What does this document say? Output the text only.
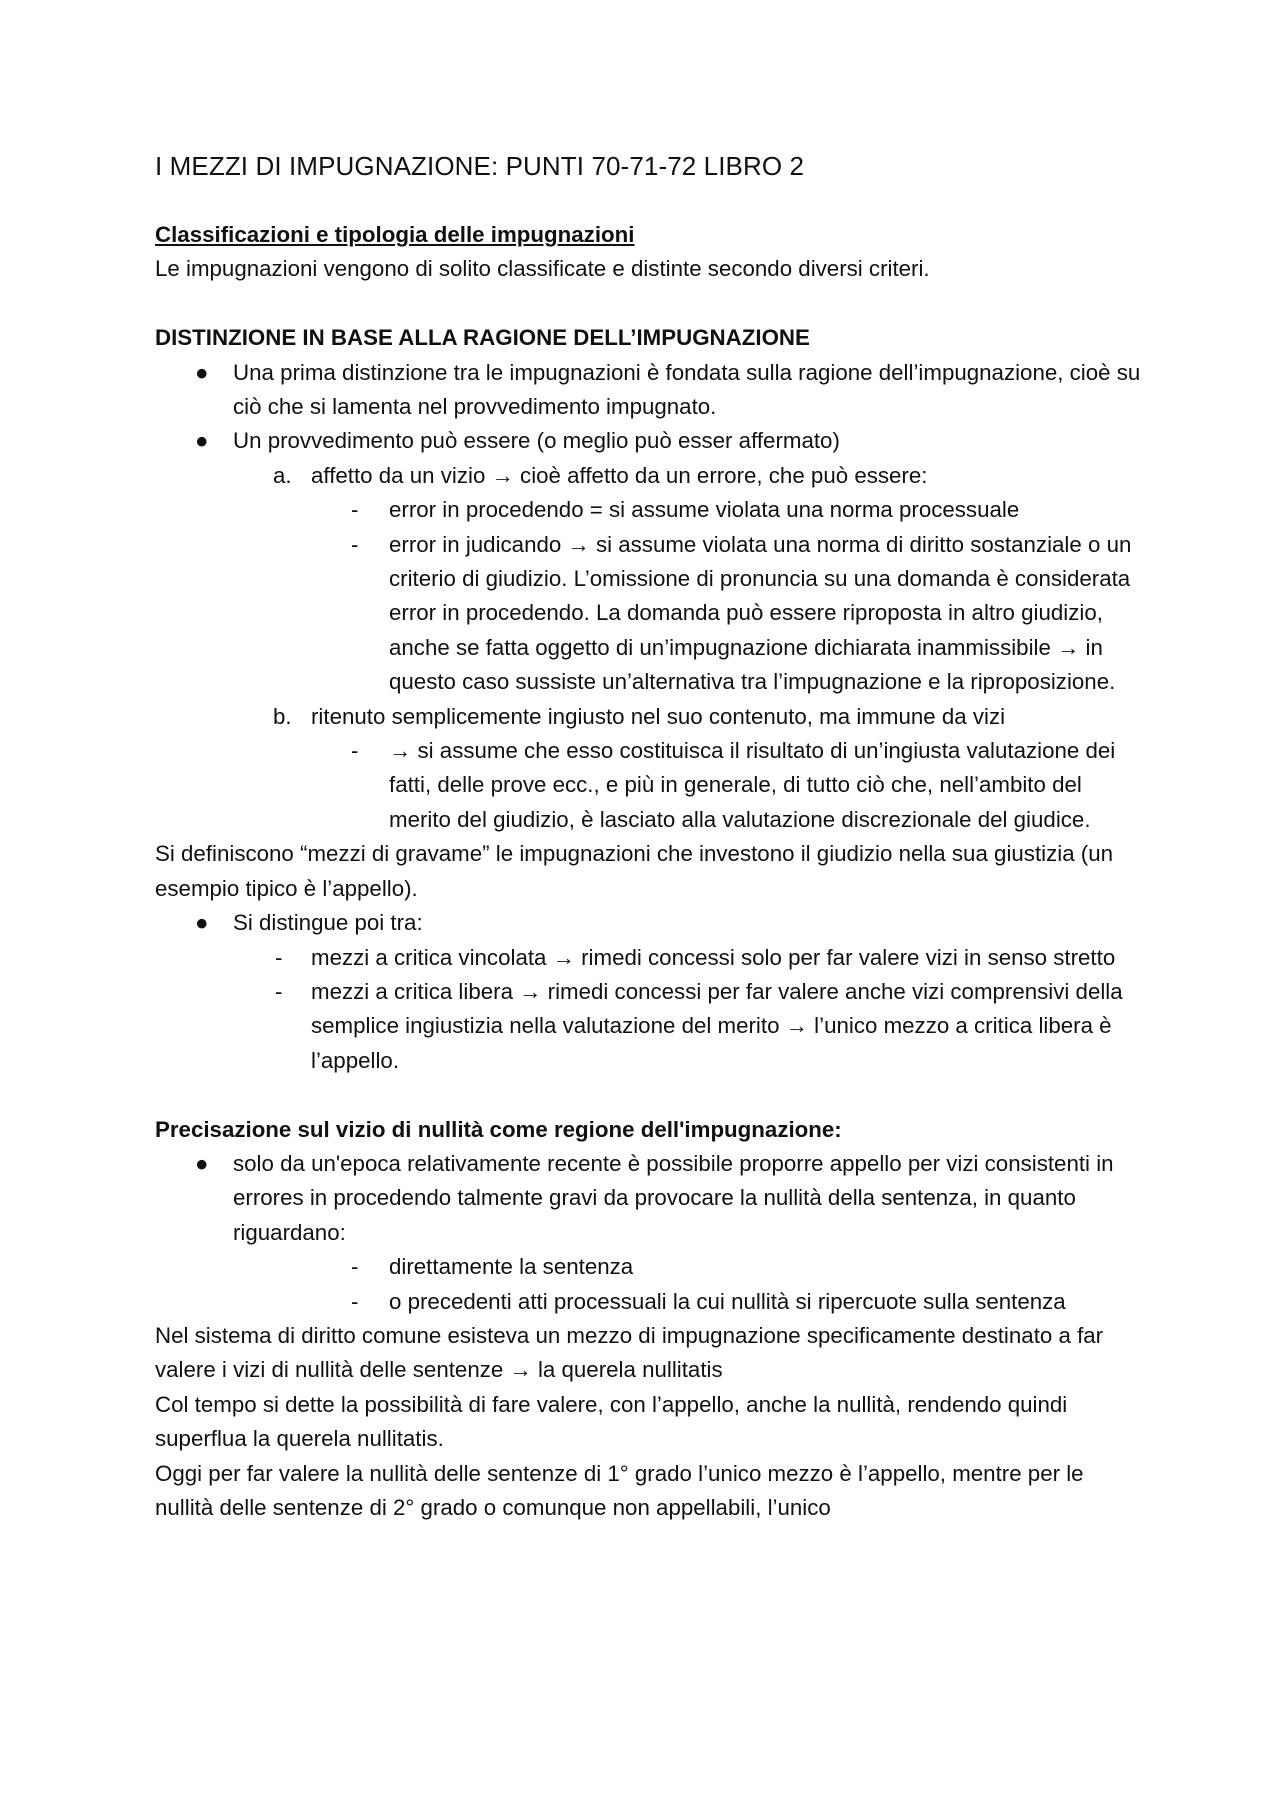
I MEZZI DI IMPUGNAZIONE: PUNTI 70-71-72 LIBRO 2
Classificazioni e tipologia delle impugnazioni
Le impugnazioni vengono di solito classificate e distinte secondo diversi criteri.
DISTINZIONE IN BASE ALLA RAGIONE DELL’IMPUGNAZIONE
● Una prima distinzione tra le impugnazioni è fondata sulla ragione dell’impugnazione, cioè su ciò che si lamenta nel provvedimento impugnato.
● Un provvedimento può essere (o meglio può esser affermato)
a. affetto da un vizio → cioè affetto da un errore, che può essere:
- error in procedendo = si assume violata una norma processuale
- error in judicando → si assume violata una norma di diritto sostanziale o un criterio di giudizio. L’omissione di pronuncia su una domanda è considerata error in procedendo. La domanda può essere riproposta in altro giudizio, anche se fatta oggetto di un’impugnazione dichiarata inammissibile → in questo caso sussiste un’alternativa tra l’impugnazione e la riproposizione.
b. ritenuto semplicemente ingiusto nel suo contenuto, ma immune da vizi
- → si assume che esso costituisca il risultato di un’ingiusta valutazione dei fatti, delle prove ecc., e più in generale, di tutto ciò che, nell’ambito del merito del giudizio, è lasciato alla valutazione discrezionale del giudice.
Si definiscono “mezzi di gravame” le impugnazioni che investono il giudizio nella sua giustizia (un esempio tipico è l’appello).
● Si distingue poi tra:
- mezzi a critica vincolata → rimedi concessi solo per far valere vizi in senso stretto
- mezzi a critica libera → rimedi concessi per far valere anche vizi comprensivi della semplice ingiustizia nella valutazione del merito → l’unico mezzo a critica libera è l’appello.
Precisazione sul vizio di nullità come regione dell'impugnazione:
● solo da un'epoca relativamente recente è possibile proporre appello per vizi consistenti in errores in procedendo talmente gravi da provocare la nullità della sentenza, in quanto riguardano:
- direttamente la sentenza
- o precedenti atti processuali la cui nullità si ripercuote sulla sentenza
Nel sistema di diritto comune esisteva un mezzo di impugnazione specificamente destinato a far valere i vizi di nullità delle sentenze → la querela nullitatis
Col tempo si dette la possibilità di fare valere, con l’appello, anche la nullità, rendendo quindi superflua la querela nullitatis.
Oggi per far valere la nullità delle sentenze di 1° grado l’unico mezzo è l’appello, mentre per le nullità delle sentenze di 2° grado o comunque non appellabili, l’unico
